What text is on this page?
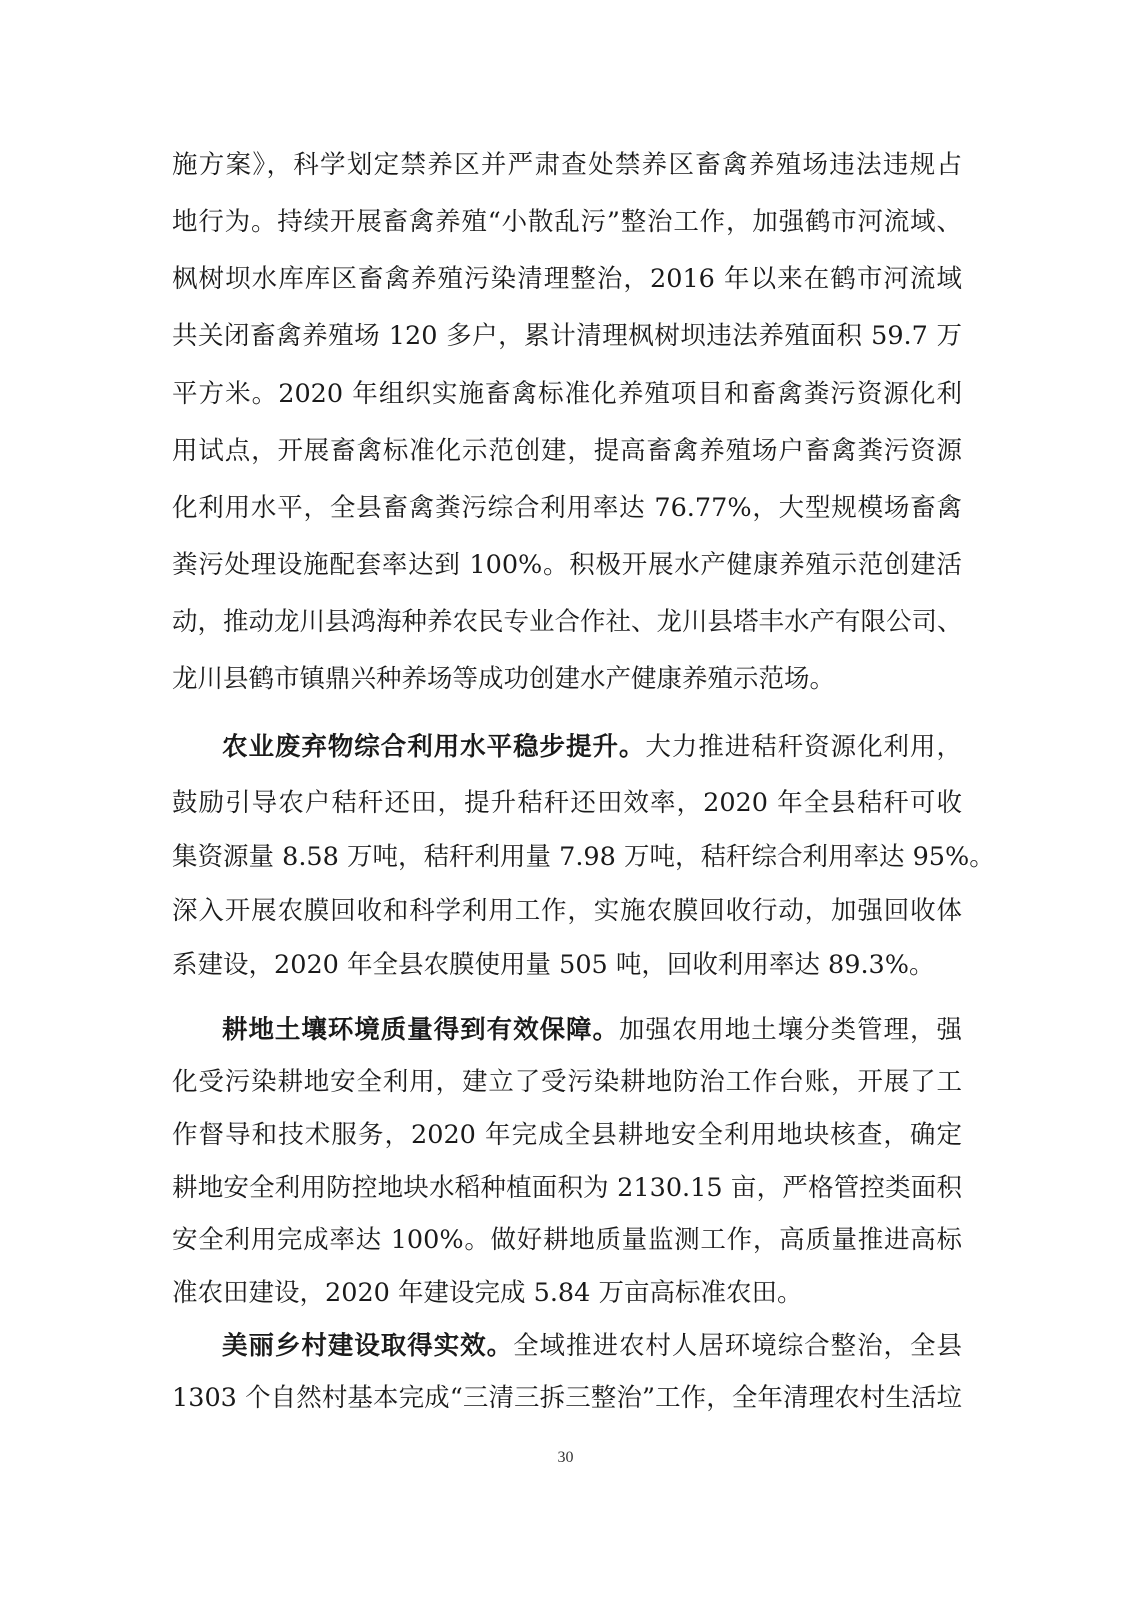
施方案》，科学划定禁养区并严肃查处禁养区畜禽养殖场违法违规占
地行为。持续开展畜禽养殖“小散乱污”整治工作，加强鹤市河流域、
枫树坝水库库区畜禽养殖污染清理整治，2016 年以来在鹤市河流域
共关闭畜禽养殖场 120 多户，累计清理枫树坝违法养殖面积 59.7 万
平方米。2020 年组织实施畜禽标准化养殖项目和畜禽粪污资源化利
用试点，开展畜禽标准化示范创建，提高畜禽养殖场户畜禽粪污资源
化利用水平，全县畜禽粪污综合利用率达 76.77%，大型规模场畜禽
粪污处理设施配套率达到 100%。积极开展水产健康养殖示范创建活
动，推动龙川县鸿海种养农民专业合作社、龙川县塔丰水产有限公司、
龙川县鹤市镇鼎兴种养场等成功创建水产健康养殖示范场。
农业废弃物综合利用水平稳步提升。大力推进秸秆资源化利用，
鼓励引导农户秸秆还田，提升秸秆还田效率，2020 年全县秸秆可收
集资源量 8.58 万吨，秸秆利用量 7.98 万吨，秸秆综合利用率达 95%。
深入开展农膜回收和科学利用工作，实施农膜回收行动，加强回收体
系建设，2020 年全县农膜使用量 505 吨，回收利用率达 89.3%。
耕地土壤环境质量得到有效保障。加强农用地土壤分类管理，强
化受污染耕地安全利用，建立了受污染耕地防治工作台账，开展了工
作督导和技术服务，2020 年完成全县耕地安全利用地块核查，确定
耕地安全利用防控地块水稻种植面积为 2130.15 亩，严格管控类面积
安全利用完成率达 100%。做好耕地质量监测工作，高质量推进高标
准农田建设，2020 年建设完成 5.84 万亩高标准农田。
美丽乡村建设取得实效。全域推进农村人居环境综合整治，全县
1303 个自然村基本完成“三清三拆三整治”工作，全年清理农村生活垃
30
